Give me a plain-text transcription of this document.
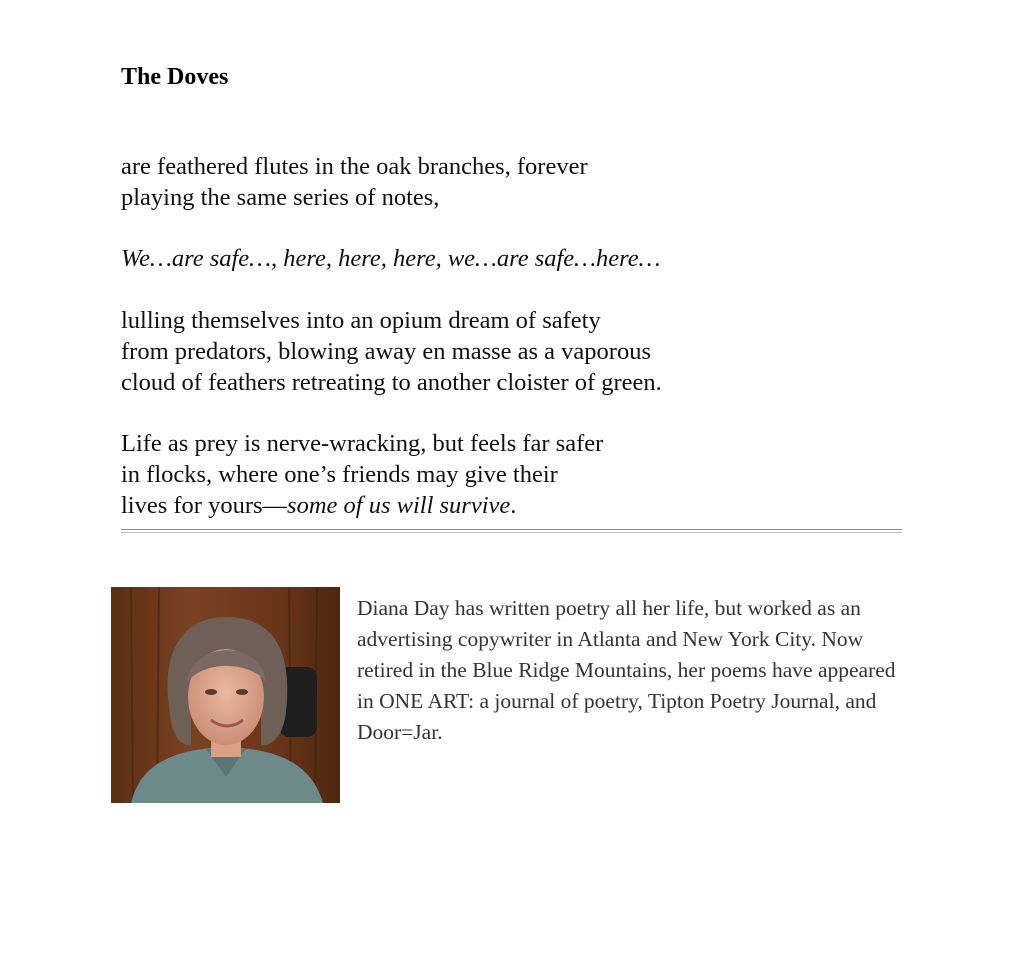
The Doves

are feathered flutes in the oak branches, forever
playing the same series of notes,

We…are safe…, here, here, here, we…are safe…here…

lulling themselves into an opium dream of safety
from predators, blowing away en masse as a vaporous
cloud of feathers retreating to another cloister of green.

Life as prey is nerve-wracking, but feels far safer
in flocks, where one’s friends may give their
lives for yours—some of us will survive.

Diana Day has written poetry all her life, but worked as an advertising copywriter in Atlanta and New York City. Now retired in the Blue Ridge Mountains, her poems have appeared in ONE ART: a journal of poetry, Tipton Poetry Journal, and Door=Jar.
